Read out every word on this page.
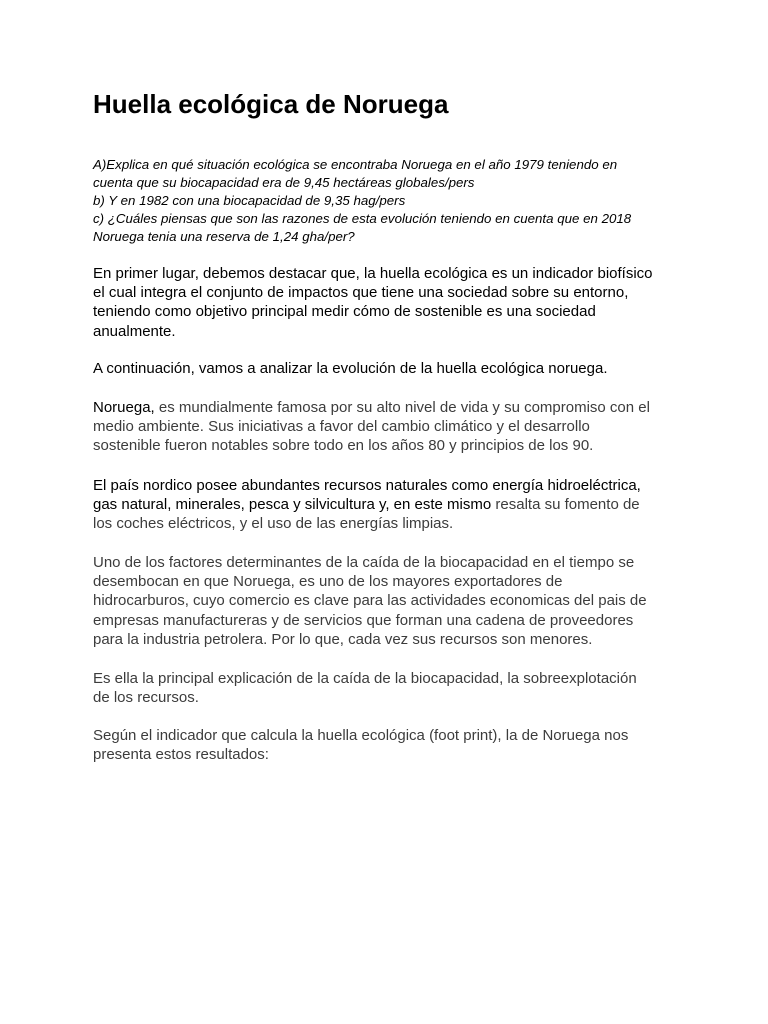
Huella ecológica de Noruega
A)Explica en qué situación ecológica se encontraba Noruega en el año 1979 teniendo en
cuenta que su biocapacidad era de 9,45 hectáreas globales/pers
b) Y en 1982 con una biocapacidad de 9,35 hag/pers
c) ¿Cuáles piensas que son las razones de esta evolución teniendo en cuenta que en 2018
Noruega tenia una reserva de 1,24 gha/per?
En primer lugar, debemos destacar que, la huella ecológica es un indicador biofísico
el cual integra el conjunto de impactos que tiene una sociedad sobre su entorno,
teniendo como objetivo principal medir cómo de sostenible es una sociedad
anualmente.
A continuación, vamos a analizar la evolución de la huella ecológica noruega.
Noruega, es mundialmente famosa por su alto nivel de vida y su compromiso con el
medio ambiente. Sus iniciativas a favor del cambio climático y el desarrollo
sostenible fueron notables sobre todo en los años 80 y principios de los 90.
El país nordico posee abundantes recursos naturales como energía hidroeléctrica,
gas natural, minerales, pesca y silvicultura y, en este mismo resalta su fomento de
los coches eléctricos, y el uso de las energías limpias.
Uno de los factores determinantes de la caída de la biocapacidad en el tiempo se
desembocan en que Noruega, es uno de los mayores exportadores de
hidrocarburos, cuyo comercio es clave para las actividades economicas del pais de
empresas manufactureras y de servicios que forman una cadena de proveedores
para la industria petrolera. Por lo que, cada vez sus recursos son menores.
Es ella la principal explicación de la caída de la biocapacidad, la sobreexplotación
de los recursos.
Según el indicador que calcula la huella ecológica (foot print), la de Noruega nos
presenta estos resultados:
